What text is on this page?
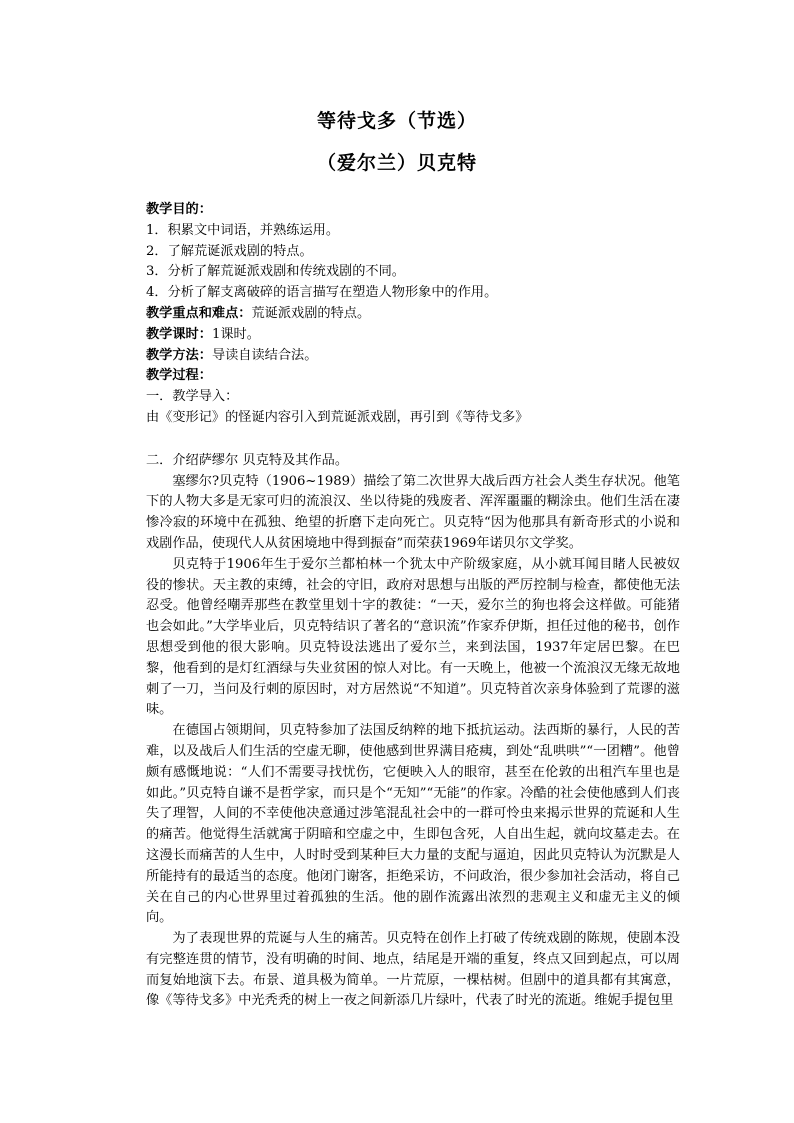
等待戈多（节选）
（爱尔兰）贝克特
教学目的：
1．积累文中词语，并熟练运用。
2．了解荒诞派戏剧的特点。
3．分析了解荒诞派戏剧和传统戏剧的不同。
4．分析了解支离破碎的语言描写在塑造人物形象中的作用。
教学重点和难点：荒诞派戏剧的特点。
教学课时：1课时。
教学方法：导读自读结合法。
教学过程：
一．教学导入：
由《变形记》的怪诞内容引入到荒诞派戏剧，再引到《等待戈多》
二．介绍萨缪尔 贝克特及其作品。

塞缪尔?贝克特（1906~1989）描绘了第二次世界大战后西方社会人类生存状况。他笔下的人物大多是无家可归的流浪汉、坐以待毙的残废者、浑浑噩噩的糊涂虫。他们生活在凄惨冷寂的环境中在孤独、绝望的折磨下走向死亡。贝克特“因为他那具有新奇形式的小说和戏剧作品，使现代人从贫困境地中得到振奋”而荣获1969年诺贝尔文学奖。

贝克特于1906年生于爱尔兰都柏林一个犹太中产阶级家庭，从小就耳闻目睹人民被奴役的惨状。天主教的束缚，社会的守旧，政府对思想与出版的严厉控制与检查，都使他无法忍受。他曾经嘲弄那些在教堂里划十字的教徒：“一天，爱尔兰的狗也将会这样做。可能猪也会如此。”大学毕业后，贝克特结识了著名的“意识流”作家乔伊斯，担任过他的秘书，创作思想受到他的很大影响。贝克特设法逃出了爱尔兰，来到法国，1937年定居巴黎。在巴黎，他看到的是灯红酒绿与失业贫困的惊人对比。有一天晚上，他被一个流浪汉无缘无故地刺了一刀，当问及行刺的原因时，对方居然说“不知道”。贝克特首次亲身体验到了荒谬的滋味。

在德国占领期间，贝克特参加了法国反纳粹的地下抵抗运动。法西斯的暴行，人民的苦难，以及战后人们生活的空虚无聊，使他感到世界满目疮痍，到处“乱哄哄”“一团糟”。他曾颇有感慨地说：“人们不需要寻找忧伤，它便映入人的眼帘，甚至在伦敦的出租汽车里也是如此。”贝克特自谦不是哲学家，而只是个“无知”“无能”的作家。冷酷的社会使他感到人们丧失了理智，人间的不幸使他决意通过涉笔混乱社会中的一群可怜虫来揭示世界的荒诞和人生的痛苦。他觉得生活就寓于阴暗和空虚之中，生即包含死，人自出生起，就向坟墓走去。在这漫长而痛苦的人生中，人时时受到某种巨大力量的支配与逼迫，因此贝克特认为沉默是人所能持有的最适当的态度。他闭门谢客，拒绝采访，不问政治，很少参加社会活动，将自己关在自己的内心世界里过着孤独的生活。他的剧作流露出浓烈的悲观主义和虚无主义的倾向。

为了表现世界的荒诞与人生的痛苦。贝克特在创作上打破了传统戏剧的陈规，使剧本没有完整连贯的情节，没有明确的时间、地点，结尾是开端的重复，终点又回到起点，可以周而复始地演下去。布景、道具极为简单。一片荒原，一棵枯树。但剧中的道具都有其寓意，像《等待戈多》中光秃秃的树上一夜之间新添几片绿叶，代表了时光的流逝。维妮手提包里
